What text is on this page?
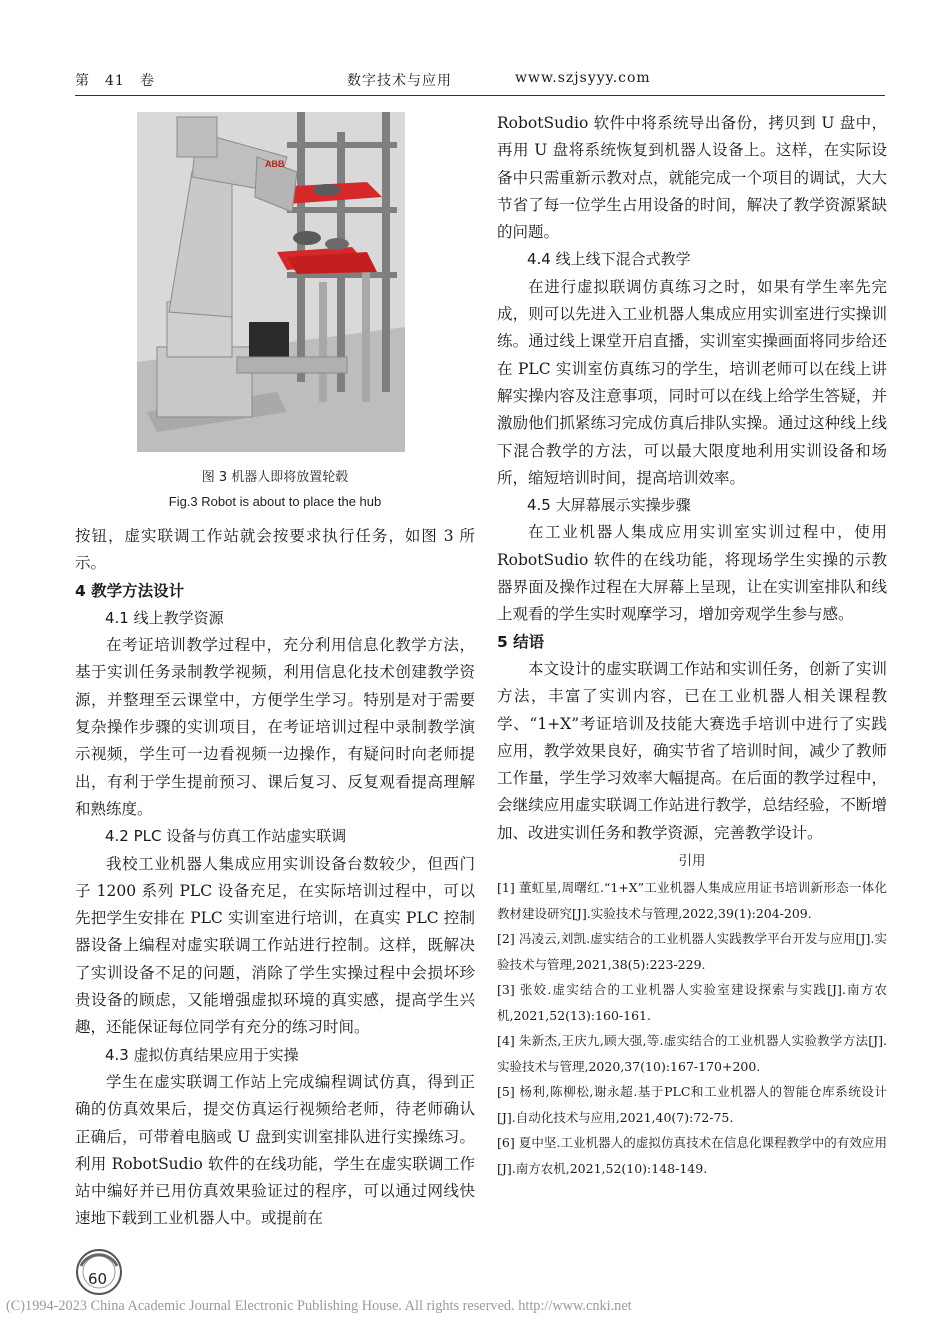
第　41　卷	数字技术与应用	www.szjsyyy.com
ABB
图 3 机器人即将放置轮毂
Fig.3 Robot is about to place the hub

按钮，虚实联调工作站就会按要求执行任务，如图 3 所示。

4 教学方法设计
4.1 线上教学资源

在考证培训教学过程中，充分利用信息化教学方法，基于实训任务录制教学视频，利用信息化技术创建教学资源，并整理至云课堂中，方便学生学习。特别是对于需要复杂操作步骤的实训项目，在考证培训过程中录制教学演示视频，学生可一边看视频一边操作，有疑问时向老师提出，有利于学生提前预习、课后复习、反复观看提高理解和熟练度。

4.2 PLC 设备与仿真工作站虚实联调

我校工业机器人集成应用实训设备台数较少，但西门子 1200 系列 PLC 设备充足，在实际培训过程中，可以先把学生安排在 PLC 实训室进行培训，在真实 PLC 控制器设备上编程对虚实联调工作站进行控制。这样，既解决了实训设备不足的问题，消除了学生实操过程中会损坏珍贵设备的顾虑，又能增强虚拟环境的真实感，提高学生兴趣，还能保证每位同学有充分的练习时间。

4.3 虚拟仿真结果应用于实操

学生在虚实联调工作站上完成编程调试仿真，得到正确的仿真效果后，提交仿真运行视频给老师，待老师确认正确后，可带着电脑或 U 盘到实训室排队进行实操练习。利用 RobotSudio 软件的在线功能，学生在虚实联调工作站中编好并已用仿真效果验证过的程序，可以通过网线快速地下载到工业机器人中。或提前在

RobotSudio 软件中将系统导出备份，拷贝到 U 盘中，再用 U 盘将系统恢复到机器人设备上。这样，在实际设备中只需重新示教对点，就能完成一个项目的调试，大大节省了每一位学生占用设备的时间，解决了教学资源紧缺的问题。

4.4 线上线下混合式教学

在进行虚拟联调仿真练习之时，如果有学生率先完成，则可以先进入工业机器人集成应用实训室进行实操训练。通过线上课堂开启直播，实训室实操画面将同步给还在 PLC 实训室仿真练习的学生，培训老师可以在线上讲解实操内容及注意事项，同时可以在线上给学生答疑，并激励他们抓紧练习完成仿真后排队实操。通过这种线上线下混合教学的方法，可以最大限度地利用实训设备和场所，缩短培训时间，提高培训效率。

4.5 大屏幕展示实操步骤

在工业机器人集成应用实训室实训过程中，使用 RobotSudio 软件的在线功能，将现场学生实操的示教器界面及操作过程在大屏幕上呈现，让在实训室排队和线上观看的学生实时观摩学习，增加旁观学生参与感。

5 结语

本文设计的虚实联调工作站和实训任务，创新了实训方法，丰富了实训内容，已在工业机器人相关课程教学、“1+X”考证培训及技能大赛选手培训中进行了实践应用，教学效果良好，确实节省了培训时间，减少了教师工作量，学生学习效率大幅提高。在后面的教学过程中，会继续应用虚实联调工作站进行教学，总结经验，不断增加、改进实训任务和教学资源，完善教学设计。

引用

[1] 董虹星,周曙红.“1+X”工业机器人集成应用证书培训新形态一体化教材建设研究[J].实验技术与管理,2022,39(1):204-209.

[2] 冯凌云,刘凯.虚实结合的工业机器人实践教学平台开发与应用[J].实验技术与管理,2021,38(5):223-229.

[3] 张姣.虚实结合的工业机器人实验室建设探索与实践[J].南方农机,2021,52(13):160-161.

[4] 朱新杰,王庆九,顾大强,等.虚实结合的工业机器人实验教学方法[J].实验技术与管理,2020,37(10):167-170+200.

[5] 杨利,陈柳松,谢永超.基于PLC和工业机器人的智能仓库系统设计[J].自动化技术与应用,2021,40(7):72-75.

[6] 夏中坚.工业机器人的虚拟仿真技术在信息化课程教学中的有效应用[J].南方农机,2021,52(10):148-149.

60
(C)1994-2023 China Academic Journal Electronic Publishing House. All rights reserved. http://www.cnki.net
